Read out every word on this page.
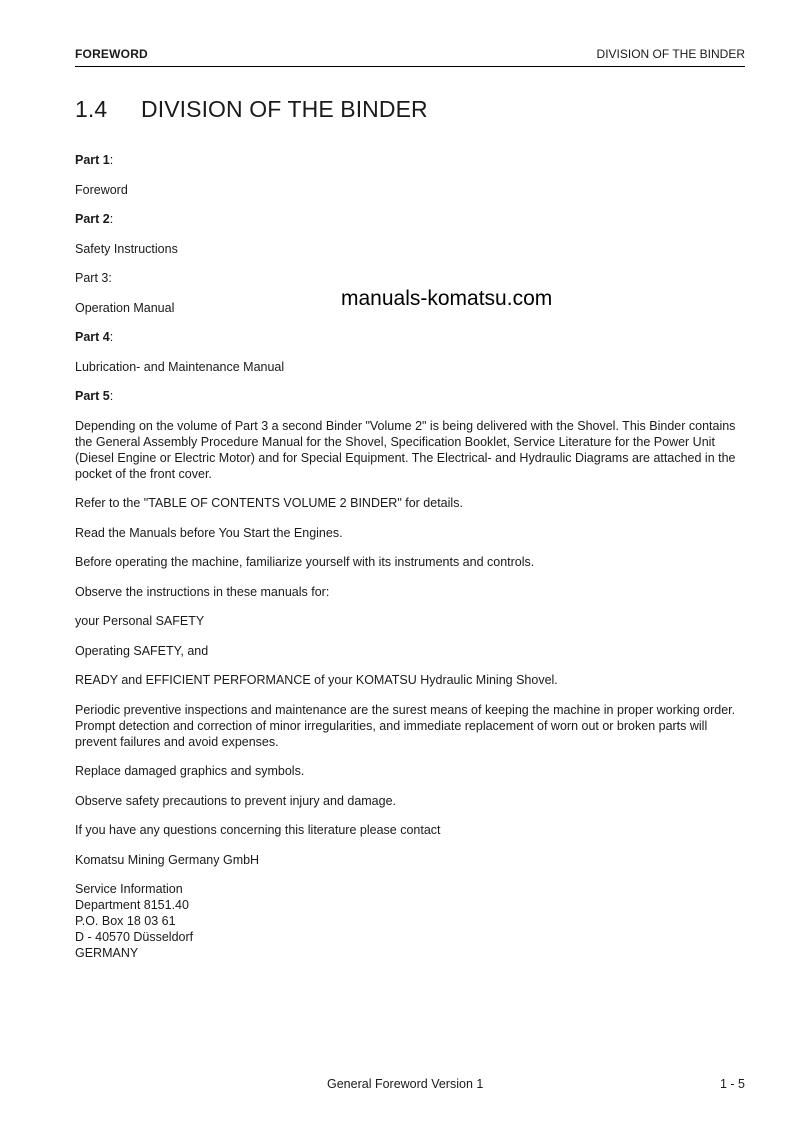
FOREWORD	DIVISION OF THE BINDER
1.4 DIVISION OF THE BINDER
manuals-komatsu.com

Part 1:

Foreword

Part 2:

Safety Instructions

Part 3:

Operation Manual

Part 4:

Lubrication- and Maintenance Manual

Part 5:

Depending on the volume of Part 3 a second Binder "Volume 2" is being delivered with the Shovel. This Binder contains the General Assembly Procedure Manual for the Shovel, Specification Booklet, Service Literature for the Power Unit (Diesel Engine or Electric Motor) and for Special Equipment. The Electrical- and Hydraulic Diagrams are attached in the pocket of the front cover.

Refer to the "TABLE OF CONTENTS VOLUME 2 BINDER" for details.

Read the Manuals before You Start the Engines.

Before operating the machine, familiarize yourself with its instruments and controls.

Observe the instructions in these manuals for:

your Personal SAFETY

Operating SAFETY, and

READY and EFFICIENT PERFORMANCE of your KOMATSU Hydraulic Mining Shovel.

Periodic preventive inspections and maintenance are the surest means of keeping the machine in proper working order. Prompt detection and correction of minor irregularities, and immediate replacement of worn out or broken parts will prevent failures and avoid expenses.

Replace damaged graphics and symbols.

Observe safety precautions to prevent injury and damage.

If you have any questions concerning this literature please contact

Komatsu Mining Germany GmbH

Service Information
Department 8151.40
P.O. Box 18 03 61
D - 40570 Düsseldorf
GERMANY

General Foreword Version 1	1 - 5
